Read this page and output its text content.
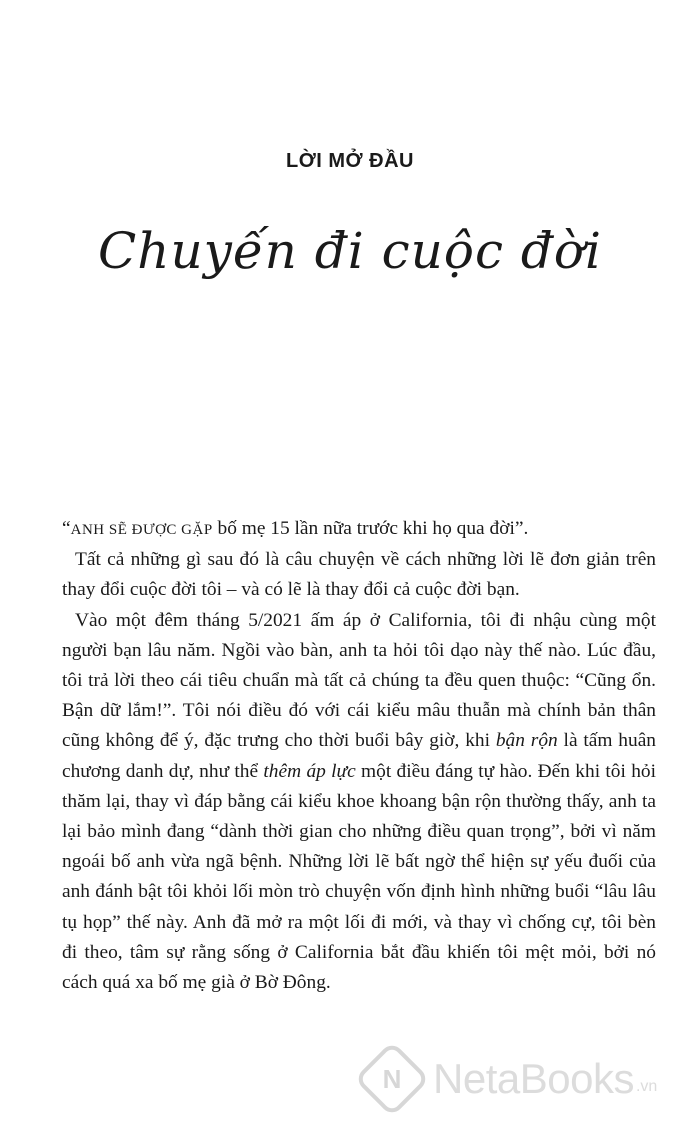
LỜI MỞ ĐẦU
Chuyến đi cuộc đời

“ANH SẼ ĐƯỢC GẶP bố mẹ 15 lần nữa trước khi họ qua đời”.

Tất cả những gì sau đó là câu chuyện về cách những lời lẽ đơn giản trên thay đổi cuộc đời tôi – và có lẽ là thay đổi cả cuộc đời bạn.

Vào một đêm tháng 5/2021 ấm áp ở California, tôi đi nhậu cùng một người bạn lâu năm. Ngồi vào bàn, anh ta hỏi tôi dạo này thế nào. Lúc đầu, tôi trả lời theo cái tiêu chuẩn mà tất cả chúng ta đều quen thuộc: “Cũng ổn. Bận dữ lắm!”. Tôi nói điều đó với cái kiểu mâu thuẫn mà chính bản thân cũng không để ý, đặc trưng cho thời buổi bây giờ, khi bận rộn là tấm huân chương danh dự, như thể thêm áp lực một điều đáng tự hào. Đến khi tôi hỏi thăm lại, thay vì đáp bằng cái kiểu khoe khoang bận rộn thường thấy, anh ta lại bảo mình đang “dành thời gian cho những điều quan trọng”, bởi vì năm ngoái bố anh vừa ngã bệnh. Những lời lẽ bất ngờ thể hiện sự yếu đuối của anh đánh bật tôi khỏi lối mòn trò chuyện vốn định hình những buổi “lâu lâu tụ họp” thế này. Anh đã mở ra một lối đi mới, và thay vì chống cự, tôi bèn đi theo, tâm sự rằng sống ở California bắt đầu khiến tôi mệt mỏi, bởi nó cách quá xa bố mẹ già ở Bờ Đông.

N NetaBooks .vn
